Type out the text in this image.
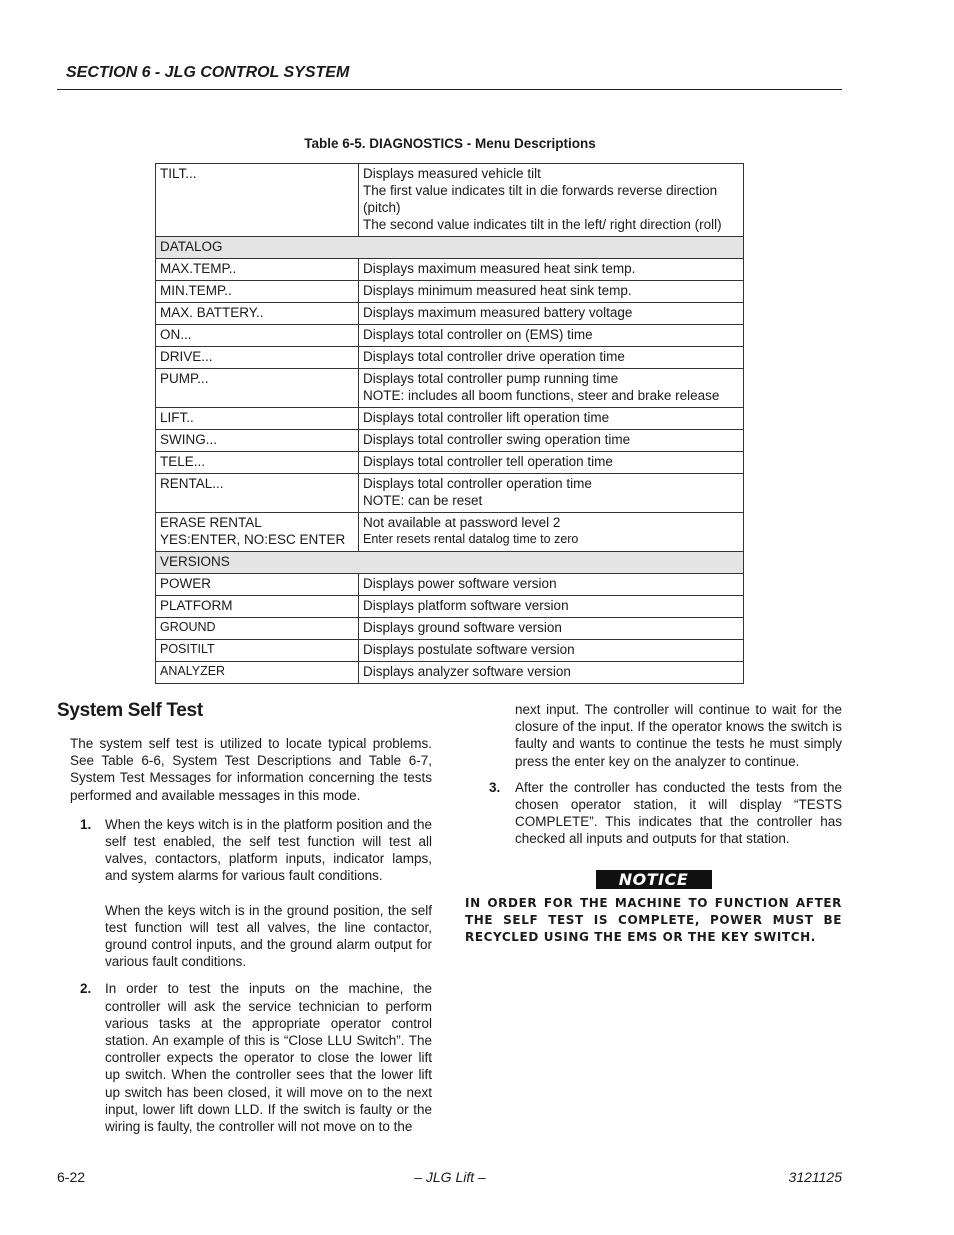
SECTION 6 - JLG CONTROL SYSTEM
Table 6-5. DIAGNOSTICS - Menu Descriptions
TILT...	Displays measured vehicle tilt
The first value indicates tilt in die forwards reverse direction (pitch)
The second value indicates tilt in the left/ right direction (roll)

DATALOG	

MAX.TEMP..	Displays maximum measured heat sink temp.

MIN.TEMP..	Displays minimum measured heat sink temp.

MAX. BATTERY..	Displays maximum measured battery voltage

ON...	Displays total controller on (EMS) time

DRIVE...	Displays total controller drive operation time

PUMP...	Displays total controller pump running time
NOTE: includes all boom functions, steer and brake release

LIFT..	Displays total controller lift operation time

SWING...	Displays total controller swing operation time

TELE...	Displays total controller tell operation time

RENTAL...	Displays total controller operation time
NOTE: can be reset

ERASE RENTAL
YES:ENTER, NO:ESC ENTER	Not available at password level 2
Enter resets rental datalog time to zero

VERSIONS	

POWER	Displays power software version

PLATFORM	Displays platform software version

GROUND	Displays ground software version

POSITILT	Displays postulate software version

ANALYZER	Displays analyzer software version
System Self Test

The system self test is utilized to locate typical problems. See Table 6-6, System Test Descriptions and Table 6-7, System Test Messages for information concerning the tests performed and available messages in this mode.

1. When the keys witch is in the platform position and the self test enabled, the self test function will test all valves, contactors, platform inputs, indicator lamps, and system alarms for various fault conditions.

When the keys witch is in the ground position, the self test function will test all valves, the line contactor, ground control inputs, and the ground alarm output for various fault conditions.

2. In order to test the inputs on the machine, the controller will ask the service technician to perform various tasks at the appropriate operator control station. An example of this is “Close LLU Switch”. The controller expects the operator to close the lower lift up switch. When the controller sees that the lower lift up switch has been closed, it will move on to the next input, lower lift down LLD. If the switch is faulty or the wiring is faulty, the controller will not move on to the

next input. The controller will continue to wait for the closure of the input. If the operator knows the switch is faulty and wants to continue the tests he must simply press the enter key on the analyzer to continue.

3.	After the controller has conducted the tests from the chosen operator station, it will display “TESTS COMPLETE”. This indicates that the controller has checked all inputs and outputs for that station.

NOTICE

IN ORDER FOR THE MACHINE TO FUNCTION AFTER THE SELF TEST IS COMPLETE, POWER MUST BE RECYCLED USING THE EMS OR THE KEY SWITCH.

6-22	– JLG Lift –	3121125
